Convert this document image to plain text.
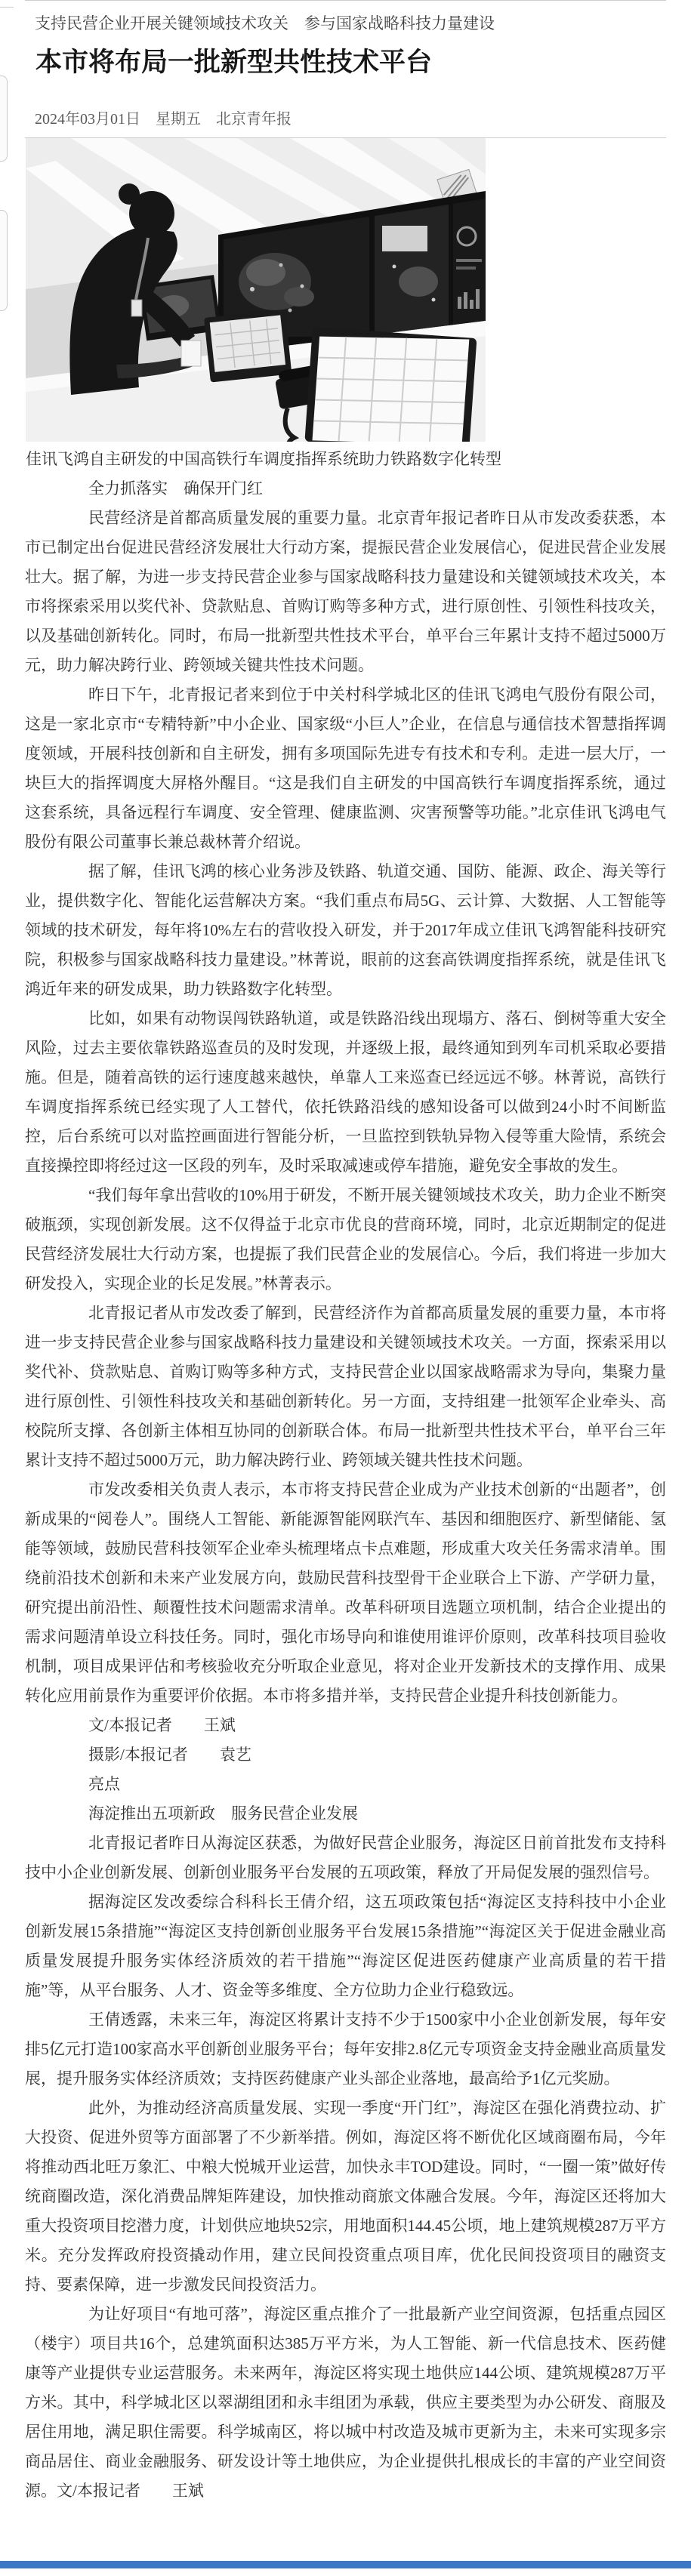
支持民营企业开展关键领域技术攻关　参与国家战略科技力量建设

本市将布局一批新型共性技术平台

2024年03月01日　星期五　北京青年报

佳讯飞鸿自主研发的中国高铁行车调度指挥系统助力铁路数字化转型

全力抓落实　确保开门红

民营经济是首都高质量发展的重要力量。北京青年报记者昨日从市发改委获悉，本市已制定出台促进民营经济发展壮大行动方案，提振民营企业发展信心，促进民营企业发展壮大。据了解，为进一步支持民营企业参与国家战略科技力量建设和关键领域技术攻关，本市将探索采用以奖代补、贷款贴息、首购订购等多种方式，进行原创性、引领性科技攻关，以及基础创新转化。同时，布局一批新型共性技术平台，单平台三年累计支持不超过5000万元，助力解决跨行业、跨领域关键共性技术问题。

昨日下午，北青报记者来到位于中关村科学城北区的佳讯飞鸿电气股份有限公司，这是一家北京市“专精特新”中小企业、国家级“小巨人”企业，在信息与通信技术智慧指挥调度领域，开展科技创新和自主研发，拥有多项国际先进专有技术和专利。走进一层大厅，一块巨大的指挥调度大屏格外醒目。“这是我们自主研发的中国高铁行车调度指挥系统，通过这套系统，具备远程行车调度、安全管理、健康监测、灾害预警等功能。”北京佳讯飞鸿电气股份有限公司董事长兼总裁林菁介绍说。

据了解，佳讯飞鸿的核心业务涉及铁路、轨道交通、国防、能源、政企、海关等行业，提供数字化、智能化运营解决方案。“我们重点布局5G、云计算、大数据、人工智能等领域的技术研发，每年将10%左右的营收投入研发，并于2017年成立佳讯飞鸿智能科技研究院，积极参与国家战略科技力量建设。”林菁说，眼前的这套高铁调度指挥系统，就是佳讯飞鸿近年来的研发成果，助力铁路数字化转型。

比如，如果有动物误闯铁路轨道，或是铁路沿线出现塌方、落石、倒树等重大安全风险，过去主要依靠铁路巡查员的及时发现，并逐级上报，最终通知到列车司机采取必要措施。但是，随着高铁的运行速度越来越快，单靠人工来巡查已经远远不够。林菁说，高铁行车调度指挥系统已经实现了人工替代，依托铁路沿线的感知设备可以做到24小时不间断监控，后台系统可以对监控画面进行智能分析，一旦监控到铁轨异物入侵等重大险情，系统会直接操控即将经过这一区段的列车，及时采取减速或停车措施，避免安全事故的发生。

“我们每年拿出营收的10%用于研发，不断开展关键领域技术攻关，助力企业不断突破瓶颈，实现创新发展。这不仅得益于北京市优良的营商环境，同时，北京近期制定的促进民营经济发展壮大行动方案，也提振了我们民营企业的发展信心。今后，我们将进一步加大研发投入，实现企业的长足发展。”林菁表示。

北青报记者从市发改委了解到，民营经济作为首都高质量发展的重要力量，本市将进一步支持民营企业参与国家战略科技力量建设和关键领域技术攻关。一方面，探索采用以奖代补、贷款贴息、首购订购等多种方式，支持民营企业以国家战略需求为导向，集聚力量进行原创性、引领性科技攻关和基础创新转化。另一方面，支持组建一批领军企业牵头、高校院所支撑、各创新主体相互协同的创新联合体。布局一批新型共性技术平台，单平台三年累计支持不超过5000万元，助力解决跨行业、跨领域关键共性技术问题。

市发改委相关负责人表示，本市将支持民营企业成为产业技术创新的“出题者”，创新成果的“阅卷人”。围绕人工智能、新能源智能网联汽车、基因和细胞医疗、新型储能、氢能等领域，鼓励民营科技领军企业牵头梳理堵点卡点难题，形成重大攻关任务需求清单。围绕前沿技术创新和未来产业发展方向，鼓励民营科技型骨干企业联合上下游、产学研力量，研究提出前沿性、颠覆性技术问题需求清单。改革科研项目选题立项机制，结合企业提出的需求问题清单设立科技任务。同时，强化市场导向和谁使用谁评价原则，改革科技项目验收机制，项目成果评估和考核验收充分听取企业意见，将对企业开发新技术的支撑作用、成果转化应用前景作为重要评价依据。本市将多措并举，支持民营企业提升科技创新能力。

文/本报记者　　王斌

摄影/本报记者　　袁艺

亮点

海淀推出五项新政　服务民营企业发展

北青报记者昨日从海淀区获悉，为做好民营企业服务，海淀区日前首批发布支持科技中小企业创新发展、创新创业服务平台发展的五项政策，释放了开局促发展的强烈信号。

据海淀区发改委综合科科长王倩介绍，这五项政策包括“海淀区支持科技中小企业创新发展15条措施”“海淀区支持创新创业服务平台发展15条措施”“海淀区关于促进金融业高质量发展提升服务实体经济质效的若干措施”“海淀区促进医药健康产业高质量的若干措施”等，从平台服务、人才、资金等多维度、全方位助力企业行稳致远。

王倩透露，未来三年，海淀区将累计支持不少于1500家中小企业创新发展，每年安排5亿元打造100家高水平创新创业服务平台；每年安排2.8亿元专项资金支持金融业高质量发展，提升服务实体经济质效；支持医药健康产业头部企业落地，最高给予1亿元奖励。

此外，为推动经济高质量发展、实现一季度“开门红”，海淀区在强化消费拉动、扩大投资、促进外贸等方面部署了不少新举措。例如，海淀区将不断优化区域商圈布局，今年将推动西北旺万象汇、中粮大悦城开业运营，加快永丰TOD建设。同时，“一圈一策”做好传统商圈改造，深化消费品牌矩阵建设，加快推动商旅文体融合发展。今年，海淀区还将加大重大投资项目挖潜力度，计划供应地块52宗，用地面积144.45公顷，地上建筑规模287万平方米。充分发挥政府投资撬动作用，建立民间投资重点项目库，优化民间投资项目的融资支持、要素保障，进一步激发民间投资活力。

为让好项目“有地可落”，海淀区重点推介了一批最新产业空间资源，包括重点园区（楼宇）项目共16个，总建筑面积达385万平方米，为人工智能、新一代信息技术、医药健康等产业提供专业运营服务。未来两年，海淀区将实现土地供应144公顷、建筑规模287万平方米。其中，科学城北区以翠湖组团和永丰组团为承载，供应主要类型为办公研发、商服及居住用地，满足职住需要。科学城南区，将以城中村改造及城市更新为主，未来可实现多宗商品居住、商业金融服务、研发设计等土地供应，为企业提供扎根成长的丰富的产业空间资源。文/本报记者　　王斌
